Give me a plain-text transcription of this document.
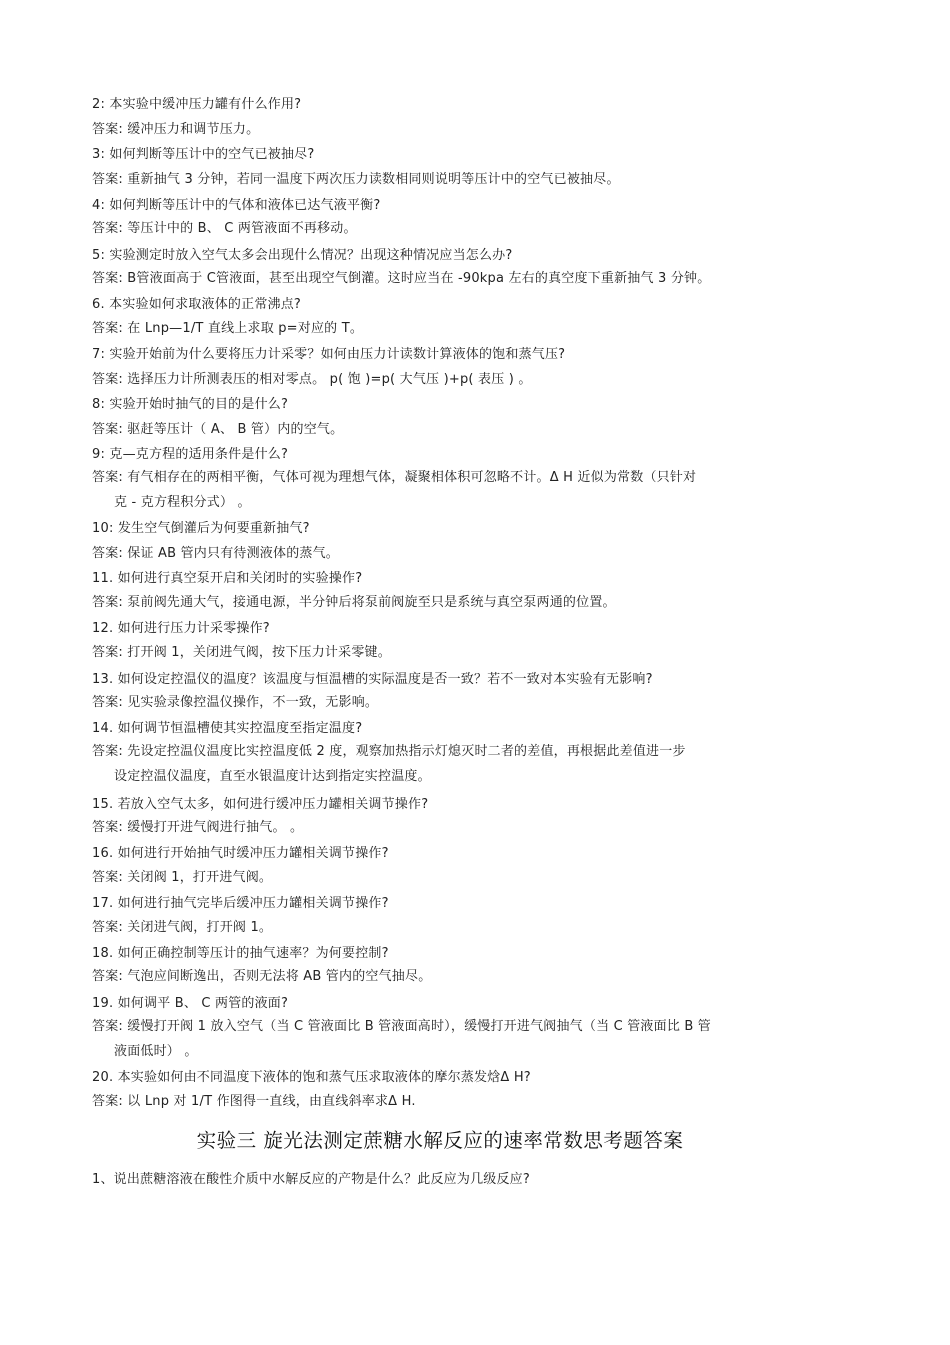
2: 本实验中缓冲压力罐有什么作用?
答案: 缓冲压力和调节压力。
3: 如何判断等压计中的空气已被抽尽?
答案: 重新抽气 3 分钟，若同一温度下两次压力读数相同则说明等压计中的空气已被抽尽。
4: 如何判断等压计中的气体和液体已达气液平衡?
答案: 等压计中的 B、 C 两管液面不再移动。
5: 实验测定时放入空气太多会出现什么情况？出现这种情况应当怎么办?
答案: B管液面高于 C管液面，甚至出现空气倒灌。这时应当在 -90kpa 左右的真空度下重新抽气 3 分钟。
6. 本实验如何求取液体的正常沸点?
答案: 在 Lnp—1/T 直线上求取 p=对应的 T。
7: 实验开始前为什么要将压力计采零？如何由压力计读数计算液体的饱和蒸气压?
答案: 选择压力计所测表压的相对零点。 p( 饱 )=p( 大气压 )+p( 表压 ) 。
8: 实验开始时抽气的目的是什么?
答案: 驱赶等压计（ A、 B 管）内的空气。
9: 克—克方程的适用条件是什么?
答案: 有气相存在的两相平衡，气体可视为理想气体，凝聚相体积可忽略不计。Δ H 近似为常数（只针对
克 - 克方程积分式） 。
10: 发生空气倒灌后为何要重新抽气?
答案: 保证 AB 管内只有待测液体的蒸气。
11. 如何进行真空泵开启和关闭时的实验操作?
答案: 泵前阀先通大气，接通电源，半分钟后将泵前阀旋至只是系统与真空泵两通的位置。
12. 如何进行压力计采零操作?
答案: 打开阀 1，关闭进气阀，按下压力计采零键。
13. 如何设定控温仪的温度？该温度与恒温槽的实际温度是否一致？若不一致对本实验有无影响?
答案: 见实验录像控温仪操作，不一致，无影响。
14. 如何调节恒温槽使其实控温度至指定温度?
答案: 先设定控温仪温度比实控温度低 2 度，观察加热指示灯熄灭时二者的差值，再根据此差值进一步
设定控温仪温度，直至水银温度计达到指定实控温度。
15. 若放入空气太多，如何进行缓冲压力罐相关调节操作?
答案: 缓慢打开进气阀进行抽气。 。
16. 如何进行开始抽气时缓冲压力罐相关调节操作?
答案: 关闭阀 1，打开进气阀。
17. 如何进行抽气完毕后缓冲压力罐相关调节操作?
答案: 关闭进气阀，打开阀 1。
18. 如何正确控制等压计的抽气速率？为何要控制?
答案: 气泡应间断逸出，否则无法将 AB 管内的空气抽尽。
19. 如何调平 B、 C 两管的液面?
答案: 缓慢打开阀 1 放入空气（当 C 管液面比 B 管液面高时），缓慢打开进气阀抽气（当 C 管液面比 B 管
液面低时） 。
20. 本实验如何由不同温度下液体的饱和蒸气压求取液体的摩尔蒸发焓Δ H?
答案: 以 Lnp 对 1/T 作图得一直线，由直线斜率求Δ H.
实验三 旋光法测定蔗糖水解反应的速率常数思考题答案
1、说出蔗糖溶液在酸性介质中水解反应的产物是什么？此反应为几级反应?
